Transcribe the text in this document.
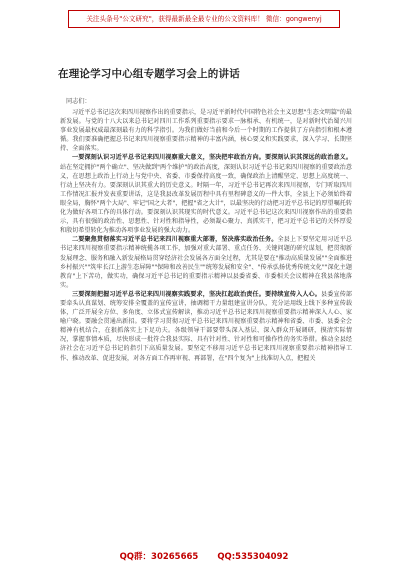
关注头条号"公文研究"，获得最新最全最专业的公文资料库！ 微信：gongwenyj
在理论学习中心组专题学习会上的讲话
同志们：

习近平总书记这次来四川视察作出的重要指示，是习近平新时代中国特色社会主义思想"生态文明篇"的最新发展。与党的十八大以来总书记对四川工作系列重要指示要求一脉相承、有机统一，是对新时代治蜀兴川事业发展最权威最深刻最有力的科学指引。为我们做好当前和今后一个时期的工作提供了方向指引和根本遵循。我们要准确把握总书记来四川视察重要指示精神的丰富内涵，核心要义和实践要求，深入学习、长期坚持、全面落实。

一要深刻认识习近平总书记来四川视察重大意义，坚决把牢政治方向。要深刻认识其深远的政治意义。站在坚定拥护"两个确立"、坚决做到"两个维护"的政治高度，深刻认识习近平总书记来四川视察的重要政治意义，在思想上政治上行动上与党中央、省委、市委保持高度一致，确保政治上清醒坚定、思想上高度统一、行动上坚决有力。要深刻认识其重大的历史意义。时隔一年，习近平总书记再次来四川视察，专门听取四川工作情况汇报并发表重要讲话，这是我县改革发展历程中具有里程碑意义的一件大事，全县上下必须始终着眼全局，胸怀"两个大局"、牢记"国之大者"，把握"省之大计"，以最坚决的行动把习近平总书记的厚望嘱托转化为做好各项工作的具体行动。要深刻认识其现实的时代意义。习近平总书记这次来四川视察作出的重要指示，具有很强的政治性、思想性、针对性和指导性，必须凝心聚力、真抓实干，把习近平总书记的关怀厚爱和殷切希望转化为推动各项事业发展的强大动力。

二要聚焦贯彻落实习近平总书记来四川视察重大部署，坚决落实政治任务。全县上下要坚定用习近平总书记来四川视察重要指示精神统揽各项工作，加强对重大部署、重点任务、关键问题的研究谋划，把贯彻新发展理念、服务和融入新发展格局贯穿经济社会发展各方面全过程，尤其是要在"推动高质量发展""全面推进乡村振兴""筑牢长江上游生态屏障""保障和改善民生""统筹发展和安全"、"传承弘扬优秀传统文化""深化主题教育"上下苦功，做实功，确保习近平总书记的重要指示精神以县委省委、市委相关会议精神在我县落地落实。

三要深刻把握习近平总书记来四川视察实践要求，坚决扛起政治责任。要持续宣传入人心。县委宣传部要牵头认真谋划、统筹安排全覆盖的宣传宣讲，抽调精干力量组建宣讲分队，充分运用线上线下多种宣传载体，广泛开展全方位、多角度、立体式宣传解读，推动习近平总书记来四川视察重要指示精神深入人心、家喻户晓。要融会贯通出新招。要将学习贯彻习近平总书记来四川视察重要指示精神和省委、市委、县委全会精神有机结合，在狠抓落实上下足功夫。各级领导干部要带头深入基层、深入群众开展调研，摸清实际情况，掌握事情本质，尽快形成一批符合我县实际、具有针对性、针对性和可操作性的务实举措。推动全县经济社会在习近平总书记的指引下高质量发展。要坚定不移用习近平总书记来四川视察重要指示精神指导工作、推动改革、促进发展，对各方面工作再审视、再部署，在"四个复为"上找准切入点，把握关

QQ群：30265665 QQ:535304092
